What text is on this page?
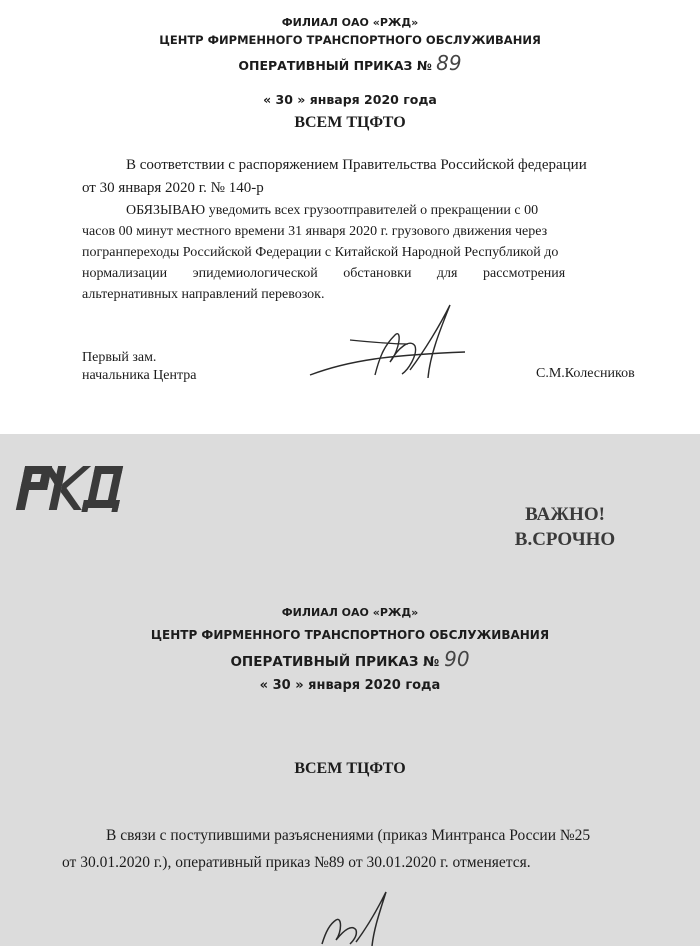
ФИЛИАЛ ОАО «РЖД»
ЦЕНТР ФИРМЕННОГО ТРАНСПОРТНОГО ОБСЛУЖИВАНИЯ
ОПЕРАТИВНЫЙ ПРИКАЗ № 89
« 30 » января 2020 года
ВСЕМ ТЦФТО
В соответствии с распоряжением Правительства Российской федерации
от 30 января 2020 г. № 140-р
ОБЯЗЫВАЮ уведомить всех грузоотправителей о прекращении с 00
часов 00 минут местного времени 31 января 2020 г. грузового движения через
погранпереходы Российской Федерации с Китайской Народной Республикой до
нормализации эпидемиологической обстановки для рассмотрения
альтернативных направлений перевозок.
Первый зам.
начальника Центра	С.М.Колесников
ВАЖНО!
В.СРОЧНО
ФИЛИАЛ ОАО «РЖД»
ЦЕНТР ФИРМЕННОГО ТРАНСПОРТНОГО ОБСЛУЖИВАНИЯ
ОПЕРАТИВНЫЙ ПРИКАЗ № 90
« 30 » января 2020 года
ВСЕМ ТЦФТО
В связи с поступившими разъяснениями (приказ Минтранса России №25
от 30.01.2020 г.), оперативный приказ №89 от 30.01.2020 г. отменяется.
